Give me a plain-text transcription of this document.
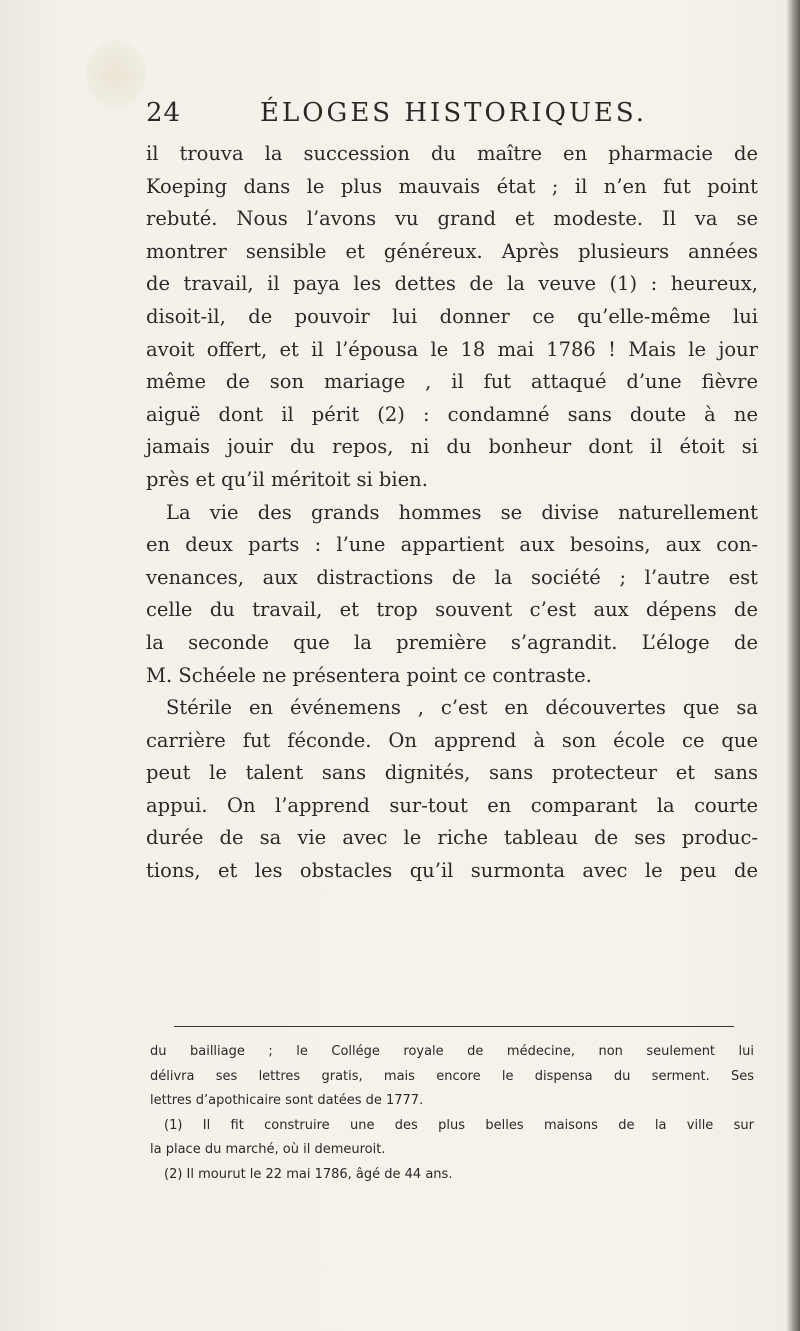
24	ÉLOGES HISTORIQUES.
il trouva la succession du maître en pharmacie de
Koeping dans le plus mauvais état ; il n’en fut point
rebuté. Nous l’avons vu grand et modeste. Il va se
montrer sensible et généreux. Après plusieurs années
de travail, il paya les dettes de la veuve (1) : heureux,
disoit-il, de pouvoir lui donner ce qu’elle-même lui
avoit offert, et il l’épousa le 18 mai 1786 ! Mais le jour
même de son mariage , il fut attaqué d’une fièvre
aiguë dont il périt (2) : condamné sans doute à ne
jamais jouir du repos, ni du bonheur dont il étoit si
près et qu’il méritoit si bien.
La vie des grands hommes se divise naturellement
en deux parts : l’une appartient aux besoins, aux con-
venances, aux distractions de la société ; l’autre est
celle du travail, et trop souvent c’est aux dépens de
la seconde que la première s’agrandit. L’éloge de
M. Schéele ne présentera point ce contraste.
Stérile en événemens , c’est en découvertes que sa
carrière fut féconde. On apprend à son école ce que
peut le talent sans dignités, sans protecteur et sans
appui. On l’apprend sur-tout en comparant la courte
durée de sa vie avec le riche tableau de ses produc-
tions, et les obstacles qu’il surmonta avec le peu de
du bailliage ; le Collége royale de médecine, non seulement lui
délivra ses lettres gratis, mais encore le dispensa du serment. Ses
lettres d’apothicaire sont datées de 1777.
(1) Il fit construire une des plus belles maisons de la ville sur
la place du marché, où il demeuroit.
(2) Il mourut le 22 mai 1786, âgé de 44 ans.
